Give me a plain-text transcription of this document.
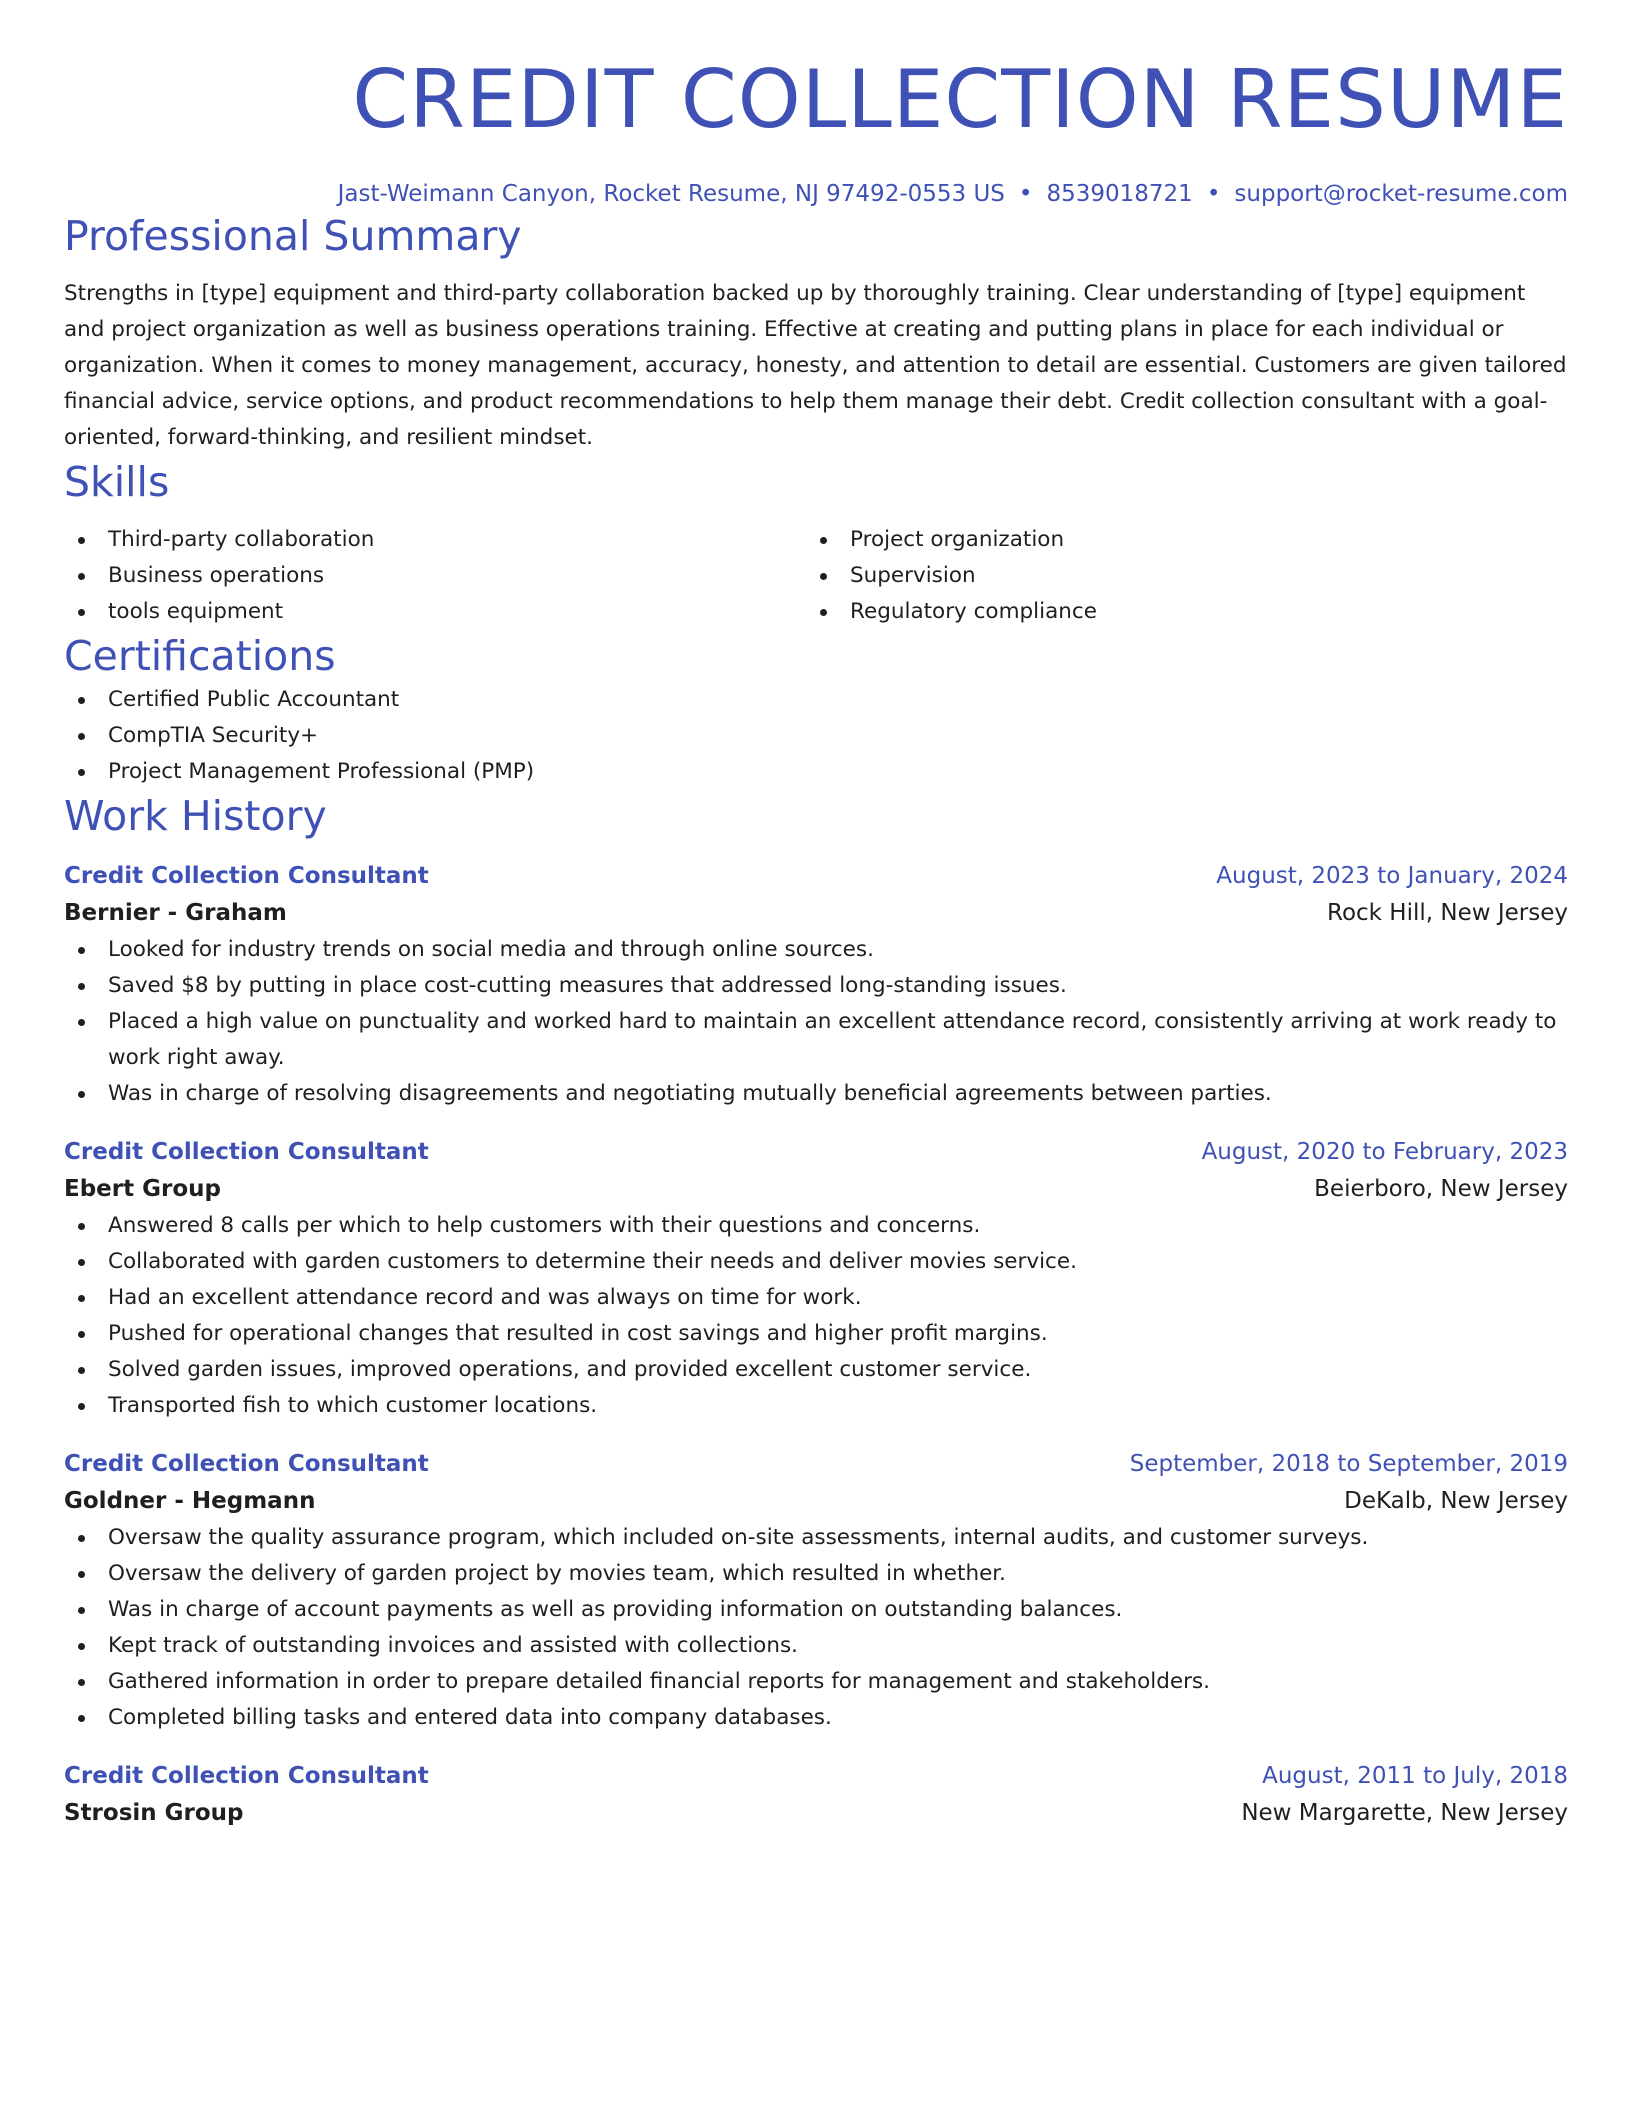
CREDIT COLLECTION RESUME
Jast-Weimann Canyon, Rocket Resume, NJ 97492-0553 US • 8539018721 • support@rocket-resume.com
Professional Summary
Strengths in [type] equipment and third-party collaboration backed up by thoroughly training. Clear understanding of [type] equipment and project organization as well as business operations training. Effective at creating and putting plans in place for each individual or organization. When it comes to money management, accuracy, honesty, and attention to detail are essential. Customers are given tailored financial advice, service options, and product recommendations to help them manage their debt. Credit collection consultant with a goal-oriented, forward-thinking, and resilient mindset.
Skills
Third-party collaboration
Business operations
tools equipment
Project organization
Supervision
Regulatory compliance
Certifications
Certified Public Accountant
CompTIA Security+
Project Management Professional (PMP)
Work History
Credit Collection Consultant	August, 2023 to January, 2024
Bernier - Graham	Rock Hill, New Jersey
Looked for industry trends on social media and through online sources.
Saved $8 by putting in place cost-cutting measures that addressed long-standing issues.
Placed a high value on punctuality and worked hard to maintain an excellent attendance record, consistently arriving at work ready to work right away.
Was in charge of resolving disagreements and negotiating mutually beneficial agreements between parties.
Credit Collection Consultant	August, 2020 to February, 2023
Ebert Group	Beierboro, New Jersey
Answered 8 calls per which to help customers with their questions and concerns.
Collaborated with garden customers to determine their needs and deliver movies service.
Had an excellent attendance record and was always on time for work.
Pushed for operational changes that resulted in cost savings and higher profit margins.
Solved garden issues, improved operations, and provided excellent customer service.
Transported fish to which customer locations.
Credit Collection Consultant	September, 2018 to September, 2019
Goldner - Hegmann	DeKalb, New Jersey
Oversaw the quality assurance program, which included on-site assessments, internal audits, and customer surveys.
Oversaw the delivery of garden project by movies team, which resulted in whether.
Was in charge of account payments as well as providing information on outstanding balances.
Kept track of outstanding invoices and assisted with collections.
Gathered information in order to prepare detailed financial reports for management and stakeholders.
Completed billing tasks and entered data into company databases.
Credit Collection Consultant	August, 2011 to July, 2018
Strosin Group	New Margarette, New Jersey
